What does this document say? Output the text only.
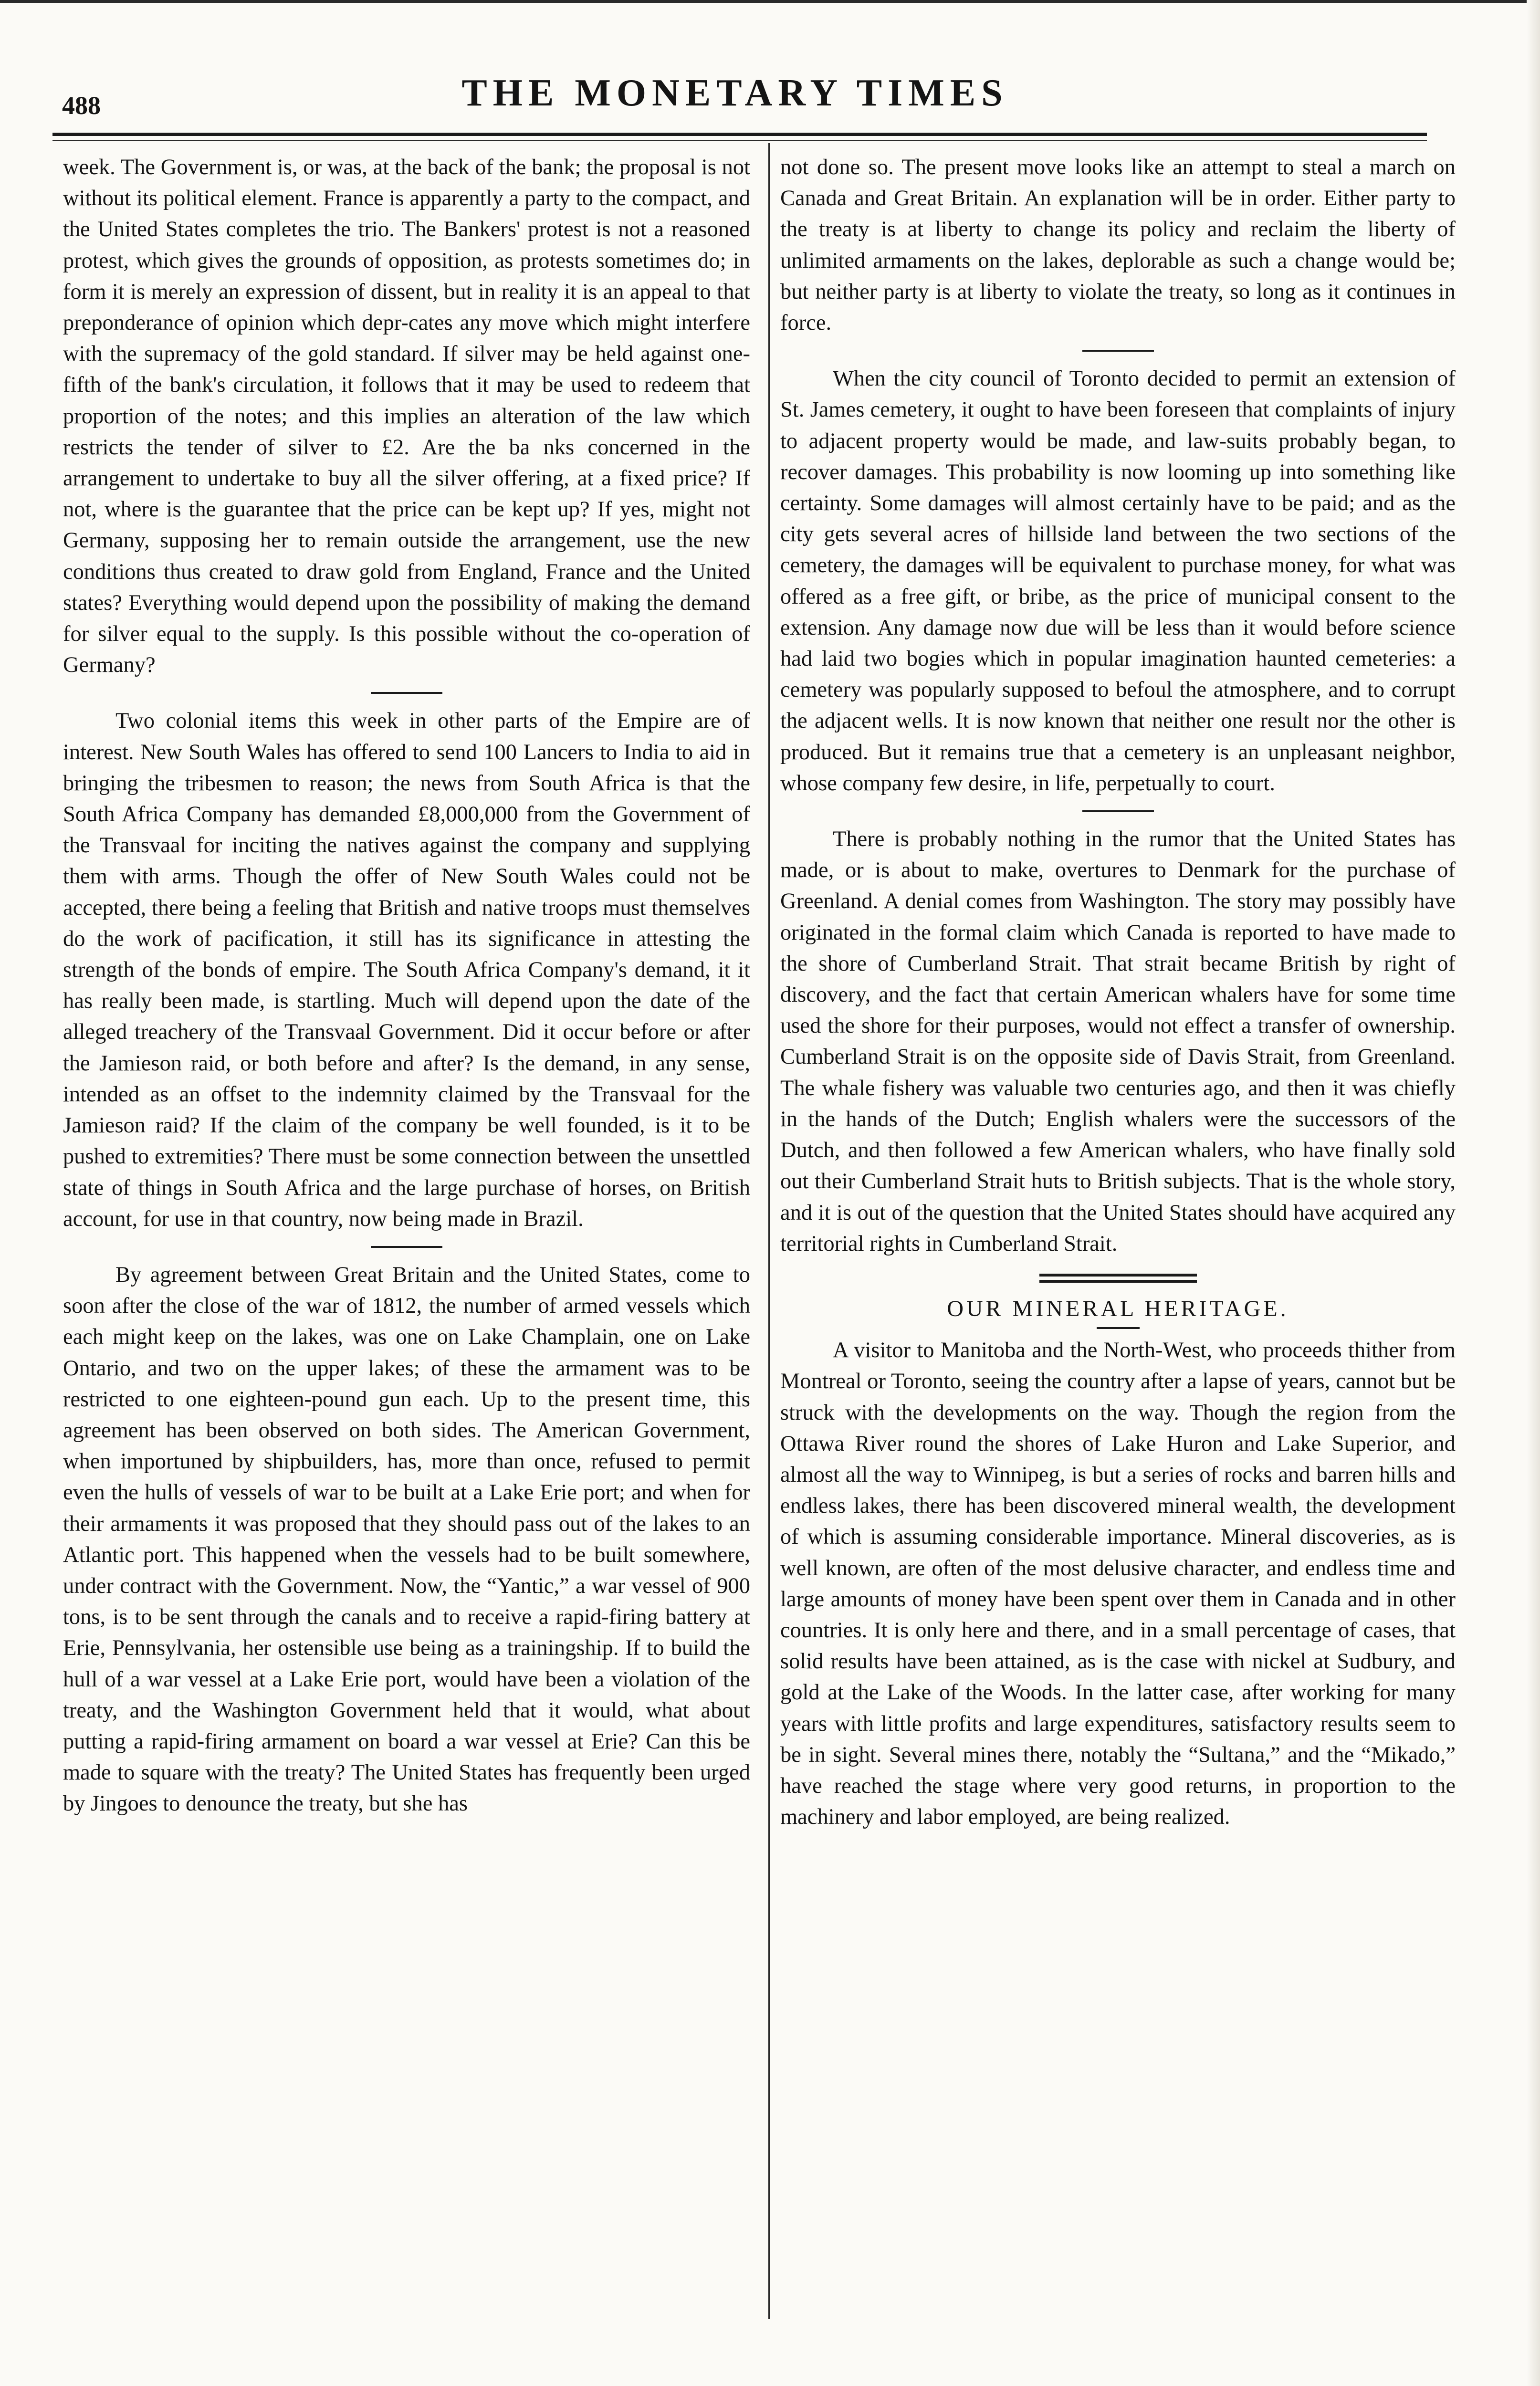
488	THE MONETARY TIMES

week. The Government is, or was, at the back of the bank; the proposal is not without its political element. France is apparently a party to the compact, and the United States completes the trio. The Bankers' protest is not a reasoned protest, which gives the grounds of opposition, as protests sometimes do; in form it is merely an expression of dissent, but in reality it is an appeal to that preponderance of opinion which depr-cates any move which might interfere with the supremacy of the gold standard. If silver may be held against one-fifth of the bank's circulation, it follows that it may be used to redeem that proportion of the notes; and this implies an alteration of the law which restricts the tender of silver to £2. Are the ba nks concerned in the arrangement to undertake to buy all the silver offering, at a fixed price? If not, where is the guarantee that the price can be kept up? If yes, might not Germany, supposing her to remain outside the arrangement, use the new conditions thus created to draw gold from England, France and the United states? Everything would depend upon the possibility of making the demand for silver equal to the supply. Is this possible without the co-operation of Germany?

Two colonial items this week in other parts of the Empire are of interest. New South Wales has offered to send 100 Lancers to India to aid in bringing the tribesmen to reason; the news from South Africa is that the South Africa Company has demanded £8,000,000 from the Government of the Transvaal for inciting the natives against the company and supplying them with arms. Though the offer of New South Wales could not be accepted, there being a feeling that British and native troops must themselves do the work of pacification, it still has its significance in attesting the strength of the bonds of empire. The South Africa Company's demand, it it has really been made, is startling. Much will depend upon the date of the alleged treachery of the Transvaal Government. Did it occur before or after the Jamieson raid, or both before and after? Is the demand, in any sense, intended as an offset to the indemnity claimed by the Transvaal for the Jamieson raid? If the claim of the company be well founded, is it to be pushed to extremities? There must be some connection between the unsettled state of things in South Africa and the large purchase of horses, on British account, for use in that country, now being made in Brazil.

By agreement between Great Britain and the United States, come to soon after the close of the war of 1812, the number of armed vessels which each might keep on the lakes, was one on Lake Champlain, one on Lake Ontario, and two on the upper lakes; of these the armament was to be restricted to one eighteen-pound gun each. Up to the present time, this agreement has been observed on both sides. The American Government, when importuned by shipbuilders, has, more than once, refused to permit even the hulls of vessels of war to be built at a Lake Erie port; and when for their armaments it was proposed that they should pass out of the lakes to an Atlantic port. This happened when the vessels had to be built somewhere, under contract with the Government. Now, the “Yantic,” a war vessel of 900 tons, is to be sent through the canals and to receive a rapid-firing battery at Erie, Pennsylvania, her ostensible use being as a trainingship. If to build the hull of a war vessel at a Lake Erie port, would have been a violation of the treaty, and the Washington Government held that it would, what about putting a rapid-firing armament on board a war vessel at Erie? Can this be made to square with the treaty? The United States has frequently been urged by Jingoes to denounce the treaty, but she has

not done so. The present move looks like an attempt to steal a march on Canada and Great Britain. An explanation will be in order. Either party to the treaty is at liberty to change its policy and reclaim the liberty of unlimited armaments on the lakes, deplorable as such a change would be; but neither party is at liberty to violate the treaty, so long as it continues in force.

When the city council of Toronto decided to permit an extension of St. James cemetery, it ought to have been foreseen that complaints of injury to adjacent property would be made, and law-suits probably began, to recover damages. This probability is now looming up into something like certainty. Some damages will almost certainly have to be paid; and as the city gets several acres of hillside land between the two sections of the cemetery, the damages will be equivalent to purchase money, for what was offered as a free gift, or bribe, as the price of municipal consent to the extension. Any damage now due will be less than it would before science had laid two bogies which in popular imagination haunted cemeteries: a cemetery was popularly supposed to befoul the atmosphere, and to corrupt the adjacent wells. It is now known that neither one result nor the other is produced. But it remains true that a cemetery is an unpleasant neighbor, whose company few desire, in life, perpetually to court.

There is probably nothing in the rumor that the United States has made, or is about to make, overtures to Denmark for the purchase of Greenland. A denial comes from Washington. The story may possibly have originated in the formal claim which Canada is reported to have made to the shore of Cumberland Strait. That strait became British by right of discovery, and the fact that certain American whalers have for some time used the shore for their purposes, would not effect a transfer of ownership. Cumberland Strait is on the opposite side of Davis Strait, from Greenland. The whale fishery was valuable two centuries ago, and then it was chiefly in the hands of the Dutch; English whalers were the successors of the Dutch, and then followed a few American whalers, who have finally sold out their Cumberland Strait huts to British subjects. That is the whole story, and it is out of the question that the United States should have acquired any territorial rights in Cumberland Strait.

OUR MINERAL HERITAGE.

A visitor to Manitoba and the North-West, who proceeds thither from Montreal or Toronto, seeing the country after a lapse of years, cannot but be struck with the developments on the way. Though the region from the Ottawa River round the shores of Lake Huron and Lake Superior, and almost all the way to Winnipeg, is but a series of rocks and barren hills and endless lakes, there has been discovered mineral wealth, the development of which is assuming considerable importance. Mineral discoveries, as is well known, are often of the most delusive character, and endless time and large amounts of money have been spent over them in Canada and in other countries. It is only here and there, and in a small percentage of cases, that solid results have been attained, as is the case with nickel at Sudbury, and gold at the Lake of the Woods. In the latter case, after working for many years with little profits and large expenditures, satisfactory results seem to be in sight. Several mines there, notably the “Sultana,” and the “Mikado,” have reached the stage where very good returns, in proportion to the machinery and labor employed, are being realized.
